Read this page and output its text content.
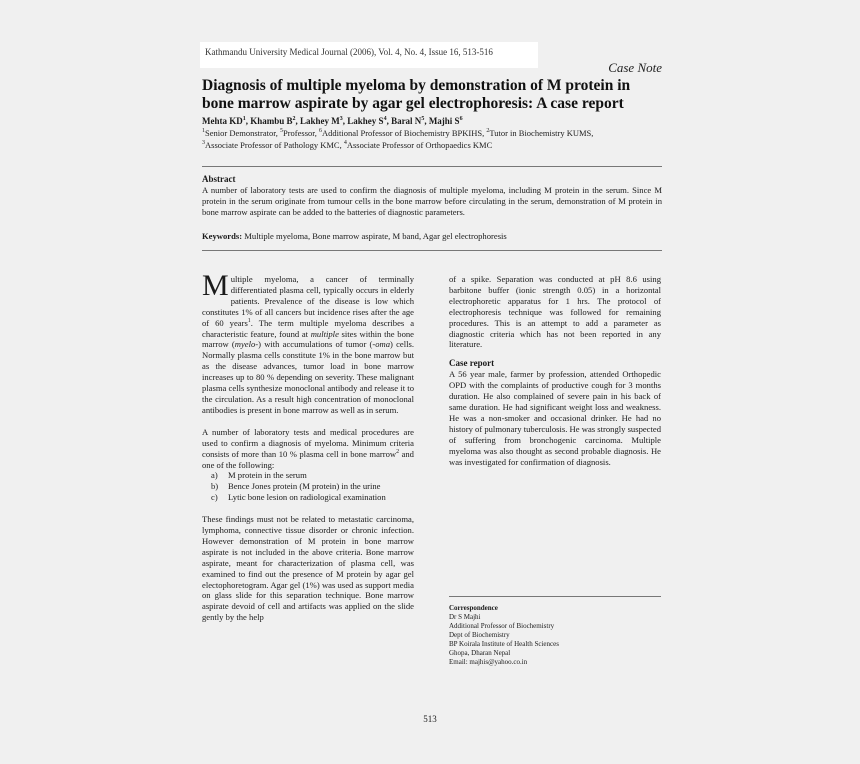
Kathmandu University Medical Journal (2006), Vol. 4, No. 4, Issue 16, 513-516
Case Note
Diagnosis of multiple myeloma by demonstration of M protein in bone marrow aspirate by agar gel electrophoresis: A case report
Mehta $KD^1$, Khambu $B^2$, Lakhey $M^3$, Lakhey $S^4$, Baral $N^5$, Majhi $S^6$
$^1$Senior Demonstrator, $^5$Professor, $^6$Additional Professor of Biochemistry BPKIHS, $^2$Tutor in Biochemistry KUMS,
$^3$Associate Professor of Pathology KMC, $^4$Associate Professor of Orthopaedics KMC
Abstract

A number of laboratory tests are used to confirm the diagnosis of multiple myeloma, including M protein in the serum. Since M protein in the serum originate from tumour cells in the bone marrow before circulating in the serum, demonstration of M protein in bone marrow aspirate can be added to the batteries of diagnostic parameters.

Keywords: Multiple myeloma, Bone marrow aspirate, M band, Agar gel electrophoresis

Multiple myeloma, a cancer of terminally differentiated plasma cell, typically occurs in elderly patients. Prevalence of the disease is low which constitutes 1% of all cancers but incidence rises after the age of 60 years$^1$. The term multiple myeloma describes a characteristic feature, found at multiple sites within the bone marrow (myelo-) with accumulations of tumor (-oma) cells. Normally plasma cells constitute 1% in the bone marrow but as the disease advances, tumor load in bone marrow increases up to 80 % depending on severity. These malignant plasma cells synthesize monoclonal antibody and release it to the circulation. As a result high concentration of monoclonal antibodies is present in bone marrow as well as in serum.

A number of laboratory tests and medical procedures are used to confirm a diagnosis of myeloma. Minimum criteria consists of more than 10 % plasma cell in bone marrow$^2$ and one of the following:

a) M protein in the serum
b) Bence Jones protein (M protein) in the urine
c) Lytic bone lesion on radiological examination

These findings must not be related to metastatic carcinoma, lymphoma, connective tissue disorder or chronic infection. However demonstration of M protein in bone marrow aspirate is not included in the above criteria. Bone marrow aspirate, meant for characterization of plasma cell, was examined to find out the presence of M protein by agar gel electophoretogram. Agar gel (1%) was used as support media on glass slide for this separation technique. Bone marrow aspirate devoid of cell and artifacts was applied on the slide gently by the help

of a spike. Separation was conducted at pH 8.6 using barbitone buffer (ionic strength 0.05) in a horizontal electrophoretic apparatus for 1 hrs. The protocol of electrophoresis technique was followed for remaining procedures. This is an attempt to add a parameter as diagnostic criteria which has not been reported in any literature.

Case report

A 56 year male, farmer by profession, attended Orthopedic OPD with the complaints of productive cough for 3 months duration. He also complained of severe pain in his back of same duration. He had significant weight loss and weakness. He was a non-smoker and occasional drinker. He had no history of pulmonary tuberculosis. He was strongly suspected of suffering from bronchogenic carcinoma. Multiple myeloma was also thought as second probable diagnosis. He was investigated for confirmation of diagnosis.

Correspondence
Dr S Majhi
Additional Professor of Biochemistry
Dept of Biochemistry
BP Koirala Institute of Health Sciences
Ghopa, Dharan Nepal
Email: majhis@yahoo.co.in
513
